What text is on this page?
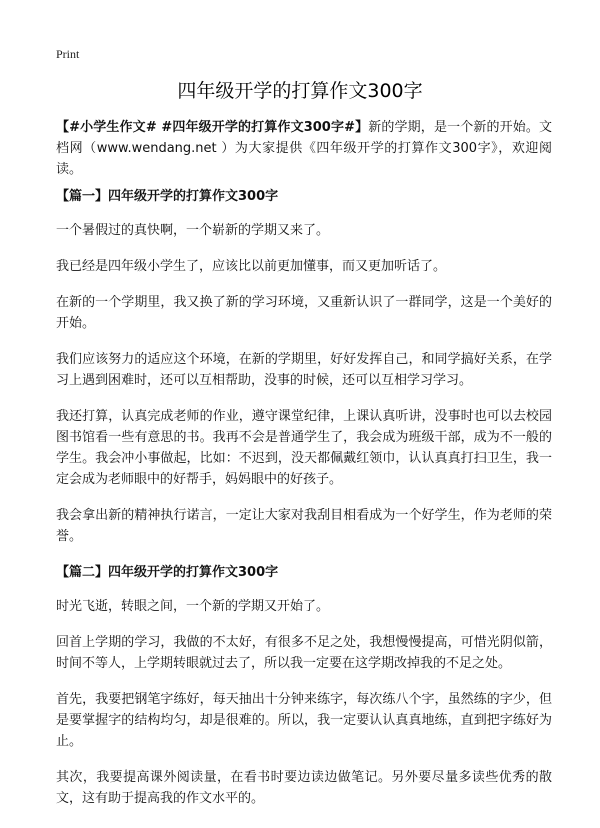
Print
四年级开学的打算作文300字

【#小学生作文# #四年级开学的打算作文300字#】新的学期，是一个新的开始。文档网（www.wendang.net ）为大家提供《四年级开学的打算作文300字》，欢迎阅读。

【篇一】四年级开学的打算作文300字

一个暑假过的真快啊，一个崭新的学期又来了。

我已经是四年级小学生了，应该比以前更加懂事，而又更加听话了。

在新的一个学期里，我又换了新的学习环境，又重新认识了一群同学，这是一个美好的开始。

我们应该努力的适应这个环境，在新的学期里，好好发挥自己，和同学搞好关系，在学习上遇到困难时，还可以互相帮助，没事的时候，还可以互相学习学习。

我还打算，认真完成老师的作业，遵守课堂纪律，上课认真听讲，没事时也可以去校园图书馆看一些有意思的书。我再不会是普通学生了，我会成为班级干部，成为不一般的学生。我会冲小事做起，比如：不迟到，没天都佩戴红领巾，认认真真打扫卫生，我一定会成为老师眼中的好帮手，妈妈眼中的好孩子。

我会拿出新的精神执行诺言，一定让大家对我刮目相看成为一个好学生，作为老师的荣誉。

【篇二】四年级开学的打算作文300字

时光飞逝，转眼之间，一个新的学期又开始了。

回首上学期的学习，我做的不太好，有很多不足之处，我想慢慢提高，可惜光阴似箭，时间不等人，上学期转眼就过去了，所以我一定要在这学期改掉我的不足之处。

首先，我要把钢笔字练好，每天抽出十分钟来练字，每次练八个字，虽然练的字少，但是要掌握字的结构均匀，却是很难的。所以，我一定要认认真真地练，直到把字练好为止。

其次，我要提高课外阅读量，在看书时要边读边做笔记。另外要尽量多读些优秀的散文，这有助于提高我的作文水平的。
